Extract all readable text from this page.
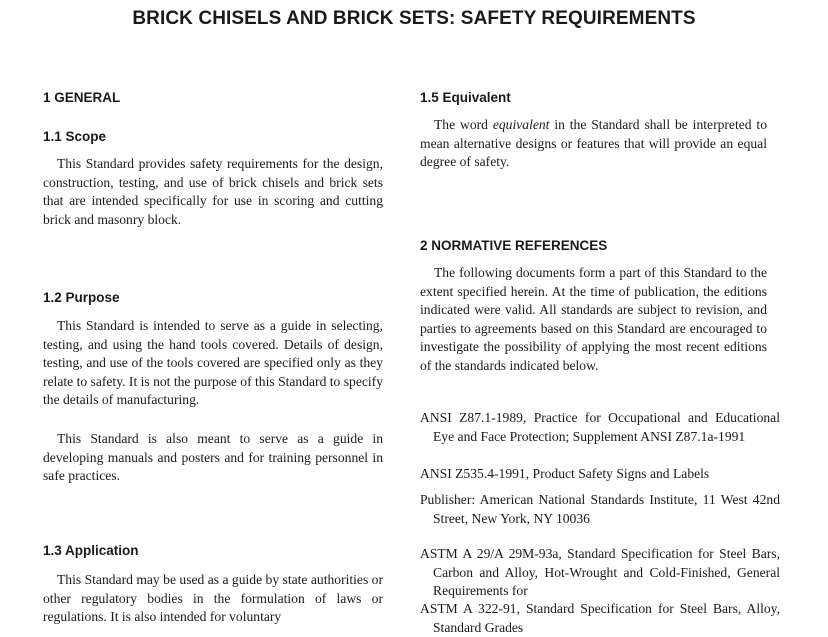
BRICK CHISELS AND BRICK SETS: SAFETY REQUIREMENTS
1 GENERAL
1.1 Scope
This Standard provides safety requirements for the design, construction, testing, and use of brick chisels and brick sets that are intended specifically for use in scoring and cutting brick and masonry block.
1.2 Purpose
This Standard is intended to serve as a guide in selecting, testing, and using the hand tools covered. Details of design, testing, and use of the tools covered are specified only as they relate to safety. It is not the purpose of this Standard to specify the details of manufacturing.
This Standard is also meant to serve as a guide in developing manuals and posters and for training personnel in safe practices.
1.3 Application
This Standard may be used as a guide by state authorities or other regulatory bodies in the formulation of laws or regulations. It is also intended for voluntary
1.5 Equivalent
The word equivalent in the Standard shall be interpreted to mean alternative designs or features that will provide an equal degree of safety.
2 NORMATIVE REFERENCES
The following documents form a part of this Standard to the extent specified herein. At the time of publication, the editions indicated were valid. All standards are subject to revision, and parties to agreements based on this Standard are encouraged to investigate the possibility of applying the most recent editions of the standards indicated below.
ANSI Z87.1-1989, Practice for Occupational and Educational Eye and Face Protection; Supplement ANSI Z87.1a-1991
ANSI Z535.4-1991, Product Safety Signs and Labels
Publisher: American National Standards Institute, 11 West 42nd Street, New York, NY 10036
ASTM A 29/A 29M-93a, Standard Specification for Steel Bars, Carbon and Alloy, Hot-Wrought and Cold-Finished, General Requirements for
ASTM A 322-91, Standard Specification for Steel Bars, Alloy, Standard Grades
